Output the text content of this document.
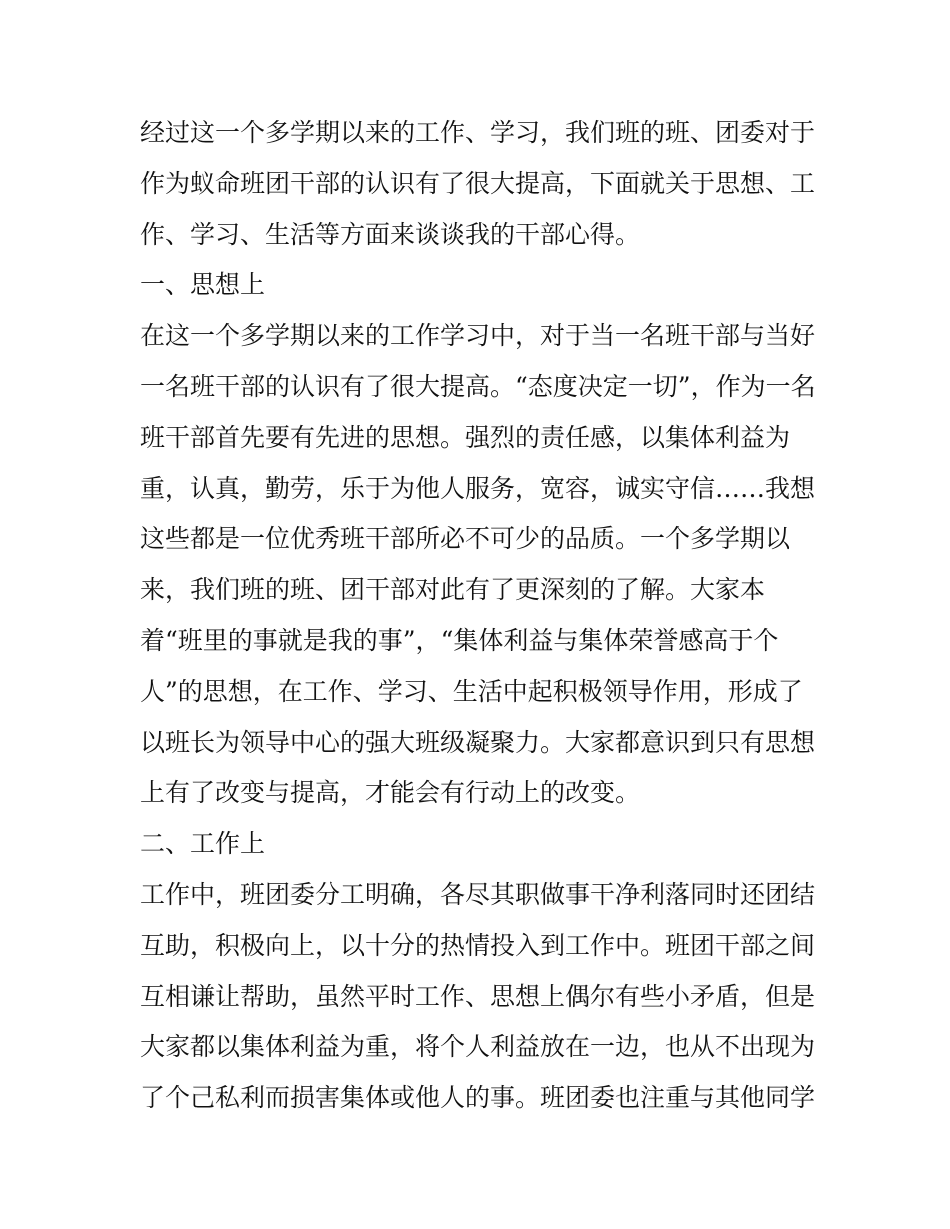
经过这一个多学期以来的工作、学习，我们班的班、团委对于
作为蚁命班团干部的认识有了很大提高，下面就关于思想、工
作、学习、生活等方面来谈谈我的干部心得。
一、思想上
在这一个多学期以来的工作学习中，对于当一名班干部与当好
一名班干部的认识有了很大提高。“态度决定一切”，作为一名
班干部首先要有先进的思想。强烈的责任感，以集体利益为
重，认真，勤劳，乐于为他人服务，宽容，诚实守信……我想
这些都是一位优秀班干部所必不可少的品质。一个多学期以
来，我们班的班、团干部对此有了更深刻的了解。大家本
着“班里的事就是我的事”，“集体利益与集体荣誉感高于个
人”的思想，在工作、学习、生活中起积极领导作用，形成了
以班长为领导中心的强大班级凝聚力。大家都意识到只有思想
上有了改变与提高，才能会有行动上的改变。
二、工作上
工作中，班团委分工明确，各尽其职做事干净利落同时还团结
互助，积极向上，以十分的热情投入到工作中。班团干部之间
互相谦让帮助，虽然平时工作、思想上偶尔有些小矛盾，但是
大家都以集体利益为重，将个人利益放在一边，也从不出现为
了个己私利而损害集体或他人的事。班团委也注重与其他同学
